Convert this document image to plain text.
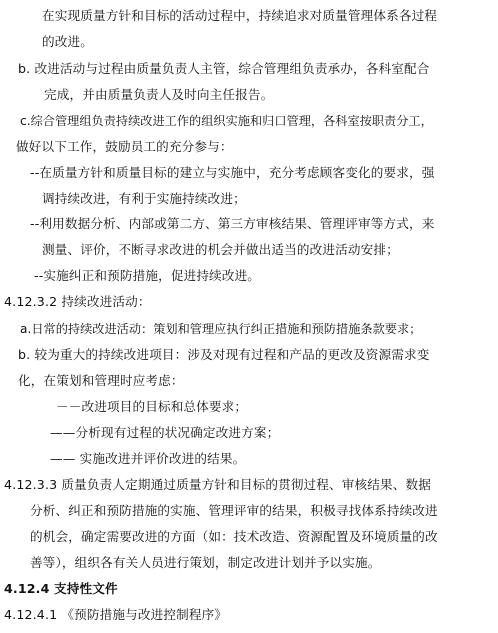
在实现质量方针和目标的活动过程中，持续追求对质量管理体系各过程
的改进。
b. 改进活动与过程由质量负责人主管，综合管理组负责承办，各科室配合
完成，并由质量负责人及时向主任报告。
c.综合管理组负责持续改进工作的组织实施和归口管理，各科室按职责分工，
做好以下工作，鼓励员工的充分参与：
--在质量方针和质量目标的建立与实施中，充分考虑顾客变化的要求，强
调持续改进，有利于实施持续改进；
--利用数据分析、内部或第二方、第三方审核结果、管理评审等方式，来
测量、评价，不断寻求改进的机会并做出适当的改进活动安排；
--实施纠正和预防措施，促进持续改进。
4.12.3.2 持续改进活动：
a.日常的持续改进活动：策划和管理应执行纠正措施和预防措施条款要求；
b. 较为重大的持续改进项目：涉及对现有过程和产品的更改及资源需求变
化，在策划和管理时应考虑：
－－改进项目的目标和总体要求；
——分析现有过程的状况确定改进方案；
—— 实施改进并评价改进的结果。
4.12.3.3 质量负责人定期通过质量方针和目标的贯彻过程、审核结果、数据
分析、纠正和预防措施的实施、管理评审的结果，积极寻找体系持续改进
的机会，确定需要改进的方面（如：技术改造、资源配置及环境质量的改
善等），组织各有关人员进行策划，制定改进计划并予以实施。
4.12.4 支持性文件
4.12.4.1 《预防措施与改进控制程序》
